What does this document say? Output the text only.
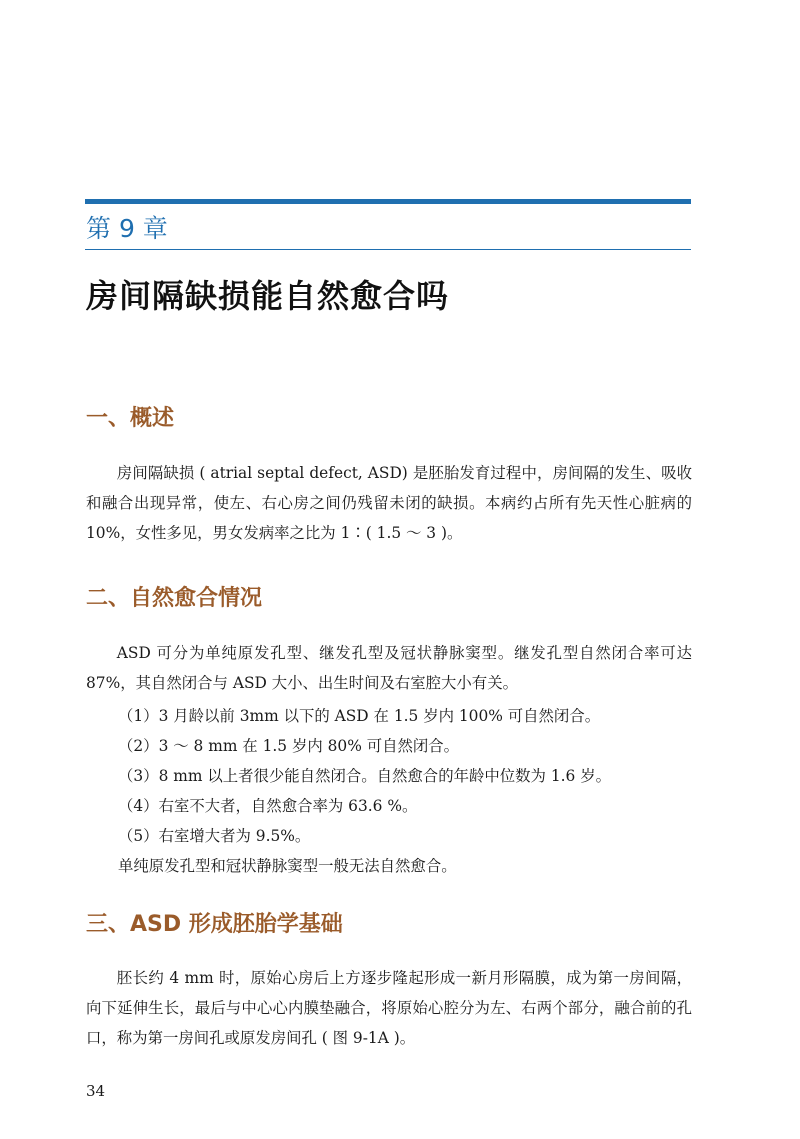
第 9 章
房间隔缺损能自然愈合吗
一、概述

房间隔缺损 ( atrial septal defect, ASD) 是胚胎发育过程中，房间隔的发生、吸收和融合出现异常，使左、右心房之间仍残留未闭的缺损。本病约占所有先天性心脏病的 10%，女性多见，男女发病率之比为 1∶( 1.5 ～ 3 )。

二、自然愈合情况

ASD 可分为单纯原发孔型、继发孔型及冠状静脉窦型。继发孔型自然闭合率可达 87%，其自然闭合与 ASD 大小、出生时间及右室腔大小有关。

（1）3 月龄以前 3mm 以下的 ASD 在 1.5 岁内 100% 可自然闭合。

（2）3 ～ 8 mm 在 1.5 岁内 80% 可自然闭合。

（3）8 mm 以上者很少能自然闭合。自然愈合的年龄中位数为 1.6 岁。

（4）右室不大者，自然愈合率为 63.6 %。

（5）右室增大者为 9.5%。

单纯原发孔型和冠状静脉窦型一般无法自然愈合。

三、ASD 形成胚胎学基础

胚长约 4 mm 时，原始心房后上方逐步隆起形成一新月形隔膜，成为第一房间隔，向下延伸生长，最后与中心心内膜垫融合，将原始心腔分为左、右两个部分，融合前的孔口，称为第一房间孔或原发房间孔 ( 图 9-1A )。

34
